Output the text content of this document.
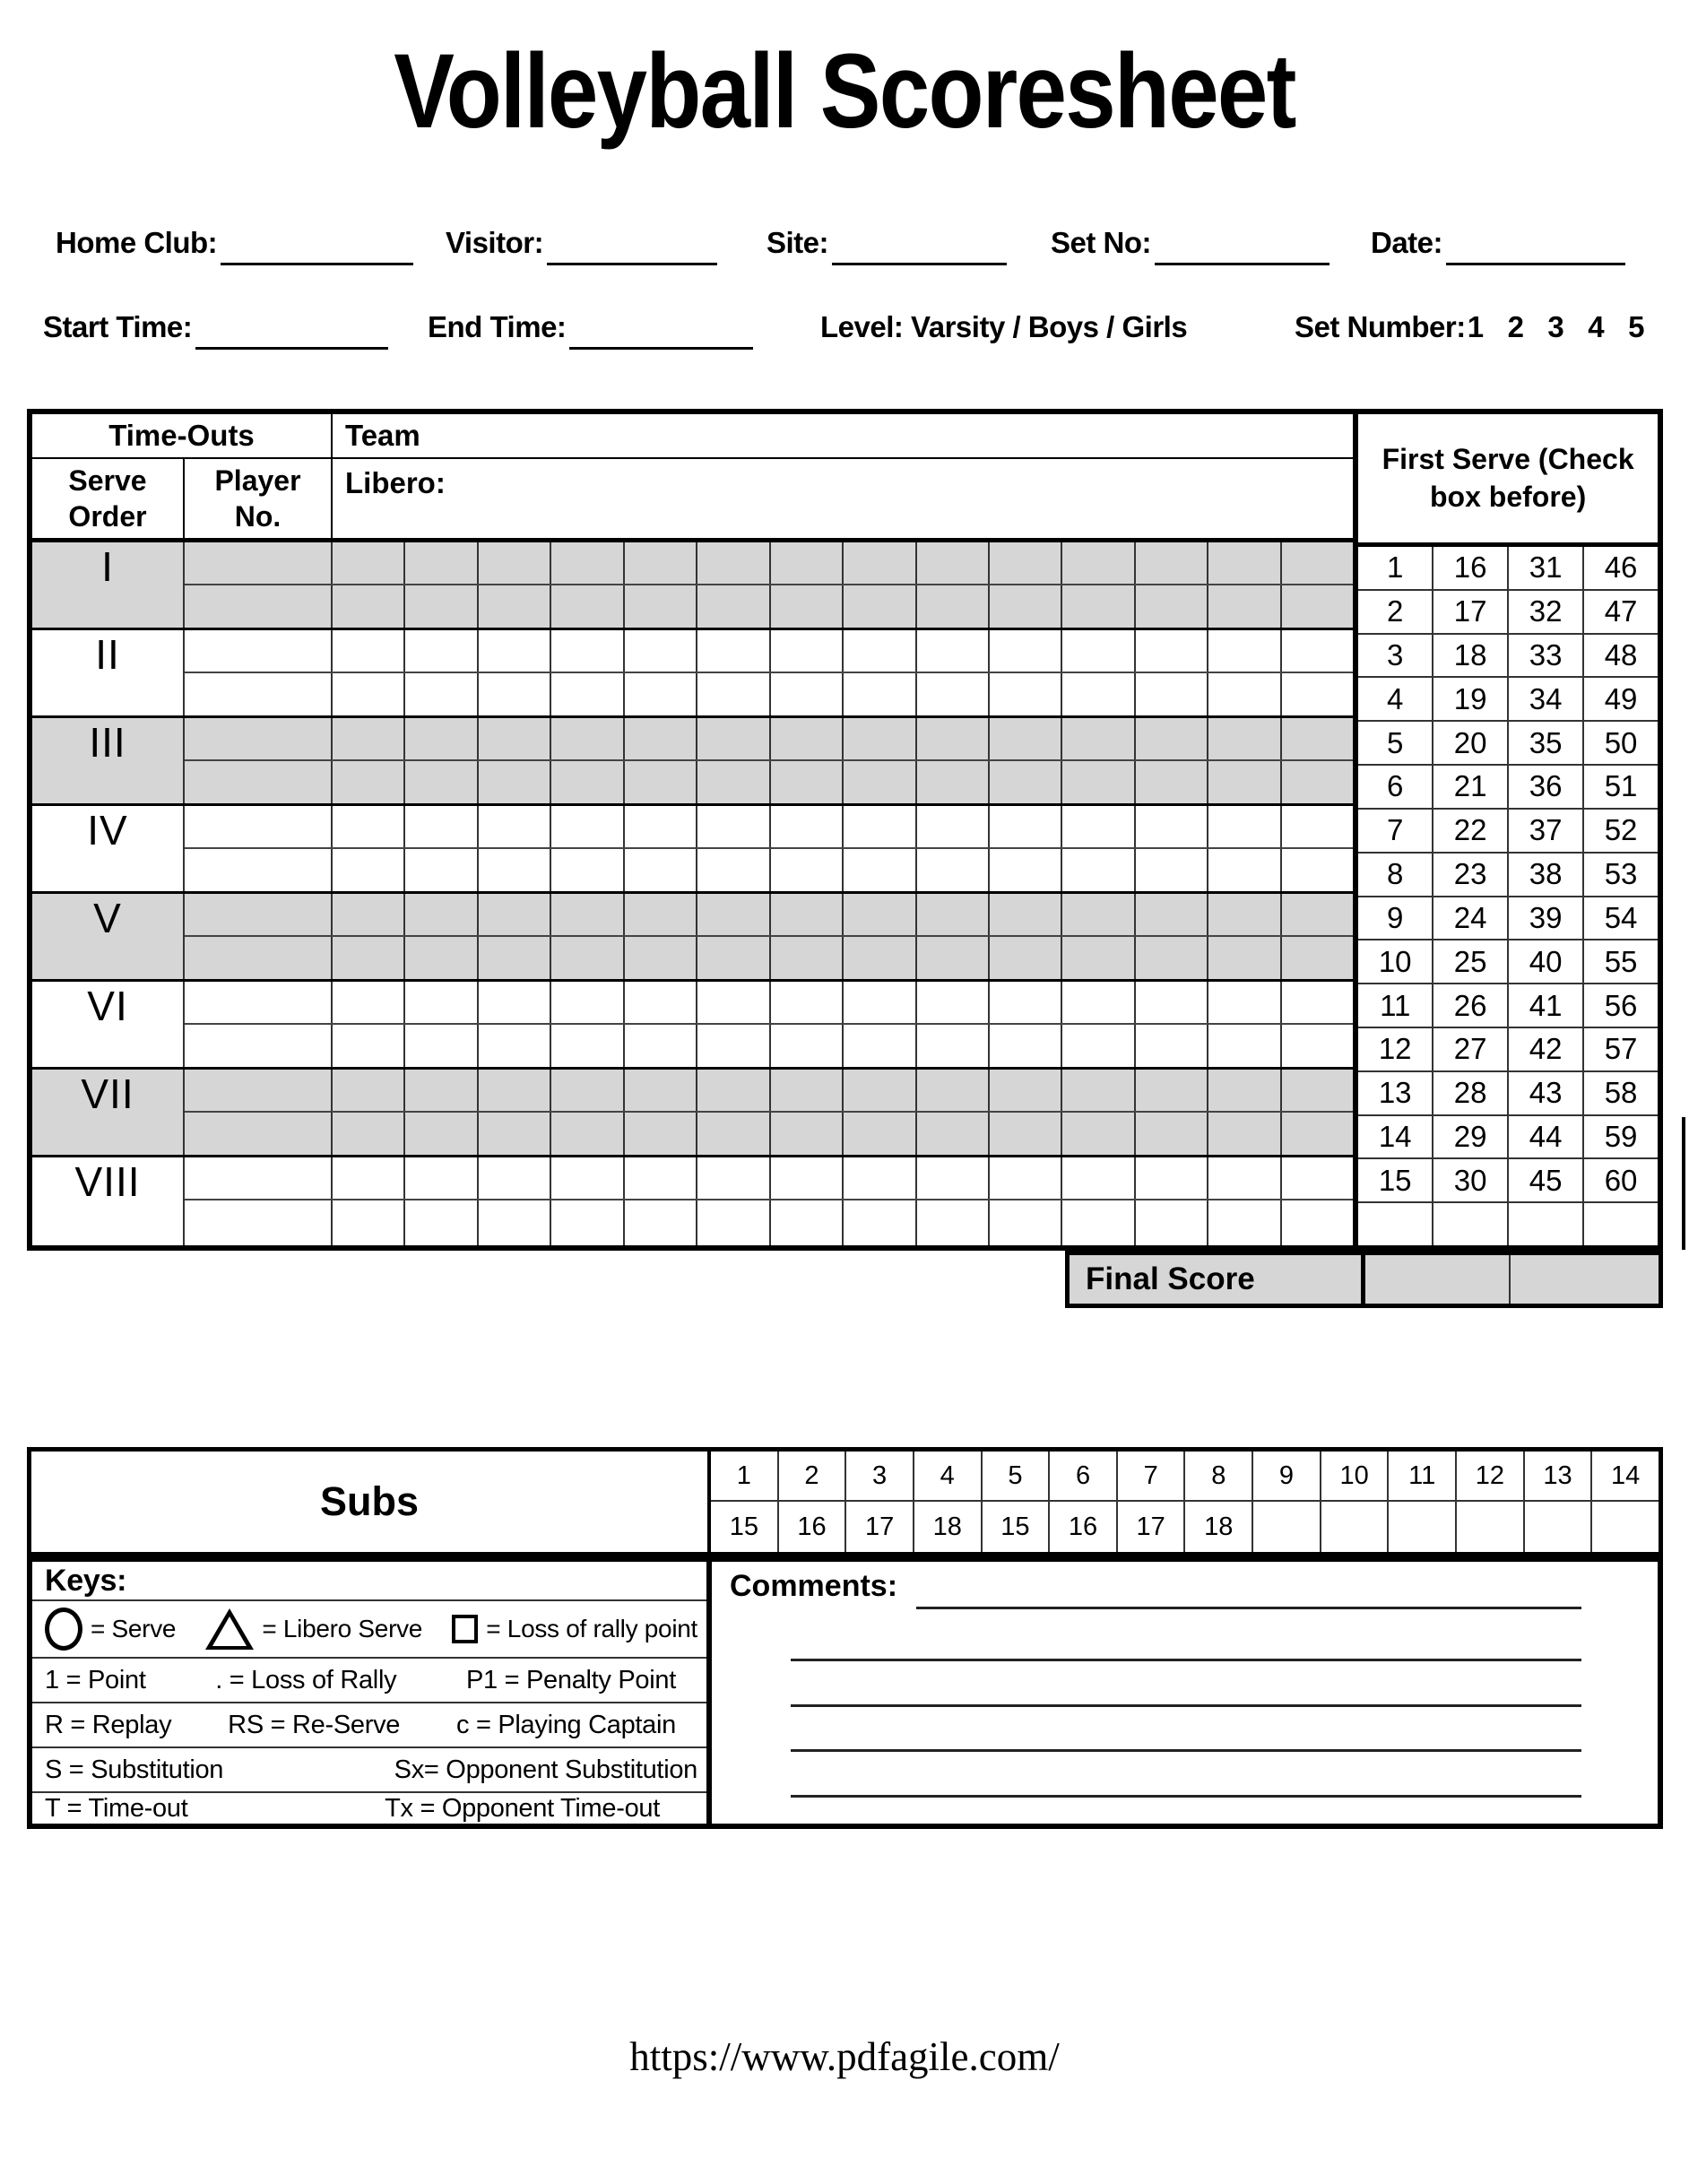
Volleyball Scoresheet
Home Club:	Visitor:	Site:	Set No:	Date:
Start Time:	End Time:	Level: Varsity / Boys / Girls	Set Number: 1 2 3 4 5
Time-Outs	Team
Serve Order
Player No.
Libero:
I
II
III
IV
V
VI
VII
VIII
First Serve (Check box before)
1	16	31	46
2	17	32	47
3	18	33	48
4	19	34	49
5	20	35	50
6	21	36	51
7	22	37	52
8	23	38	53
9	24	39	54
10	25	40	55
11	26	41	56
12	27	42	57
13	28	43	58
14	29	44	59
15	30	45	60
Final Score
Subs
1	2	3	4	5	6	7	8	9	10	11	12	13	14
15	16	17	18	15	16	17	18
Keys:
= Serve	= Libero Serve	= Loss of rally point
1 = Point	. = Loss of Rally	P1 = Penalty Point
R = Replay RS = Re-Serve c = Playing Captain
S = Substitution	Sx= Opponent Substitution
T = Time-out	Tx = Opponent Time-out
Comments:
https://www.pdfagile.com/
